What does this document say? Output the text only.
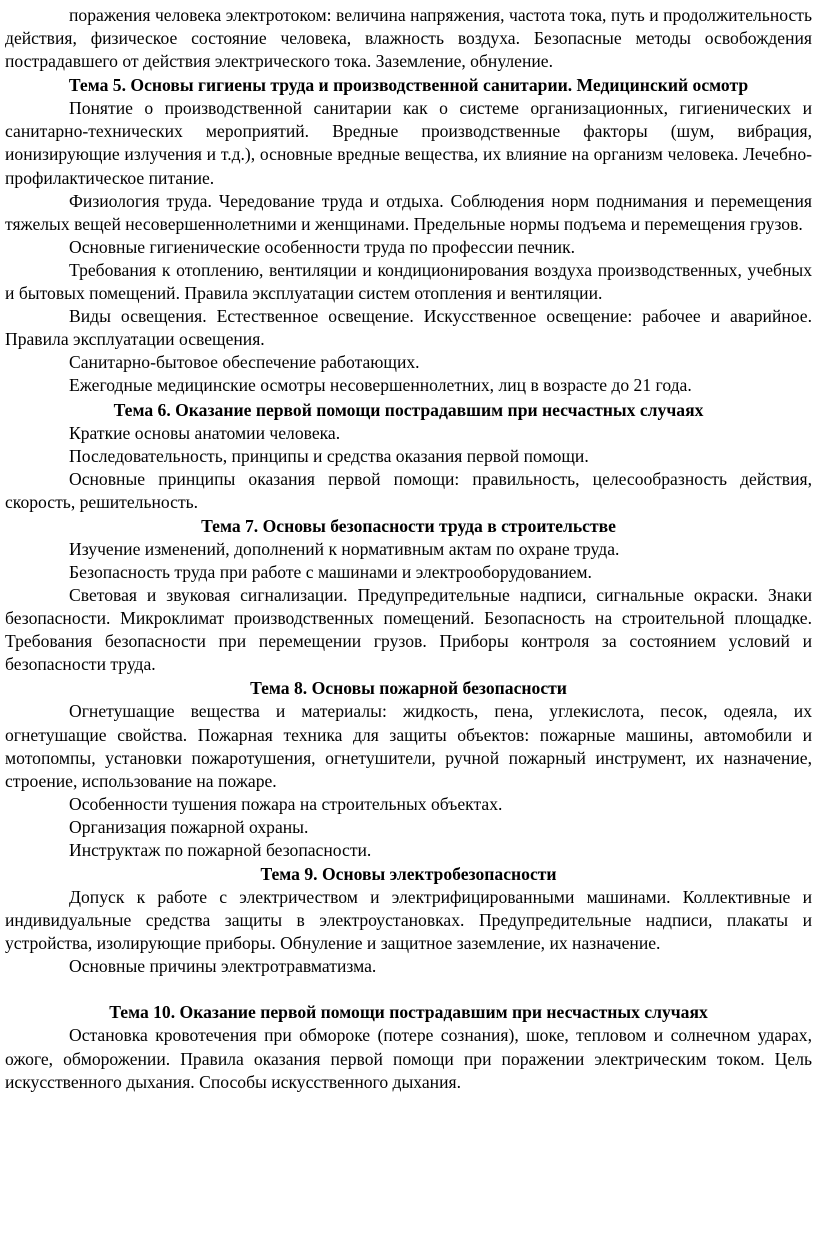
поражения человека электротоком: величина напряжения, частота тока, путь и продолжительность действия, физическое состояние человека, влажность воздуха. Безопасные методы освобождения пострадавшего от действия электрического тока. Заземление, обнуление.

Тема 5. Основы гигиены труда и производственной санитарии. Медицинский осмотр

Понятие о производственной санитарии как о системе организационных, гигиенических и санитарно-технических мероприятий. Вредные производственные факторы (шум, вибрация, ионизирующие излучения и т.д.), основные вредные вещества, их влияние на организм человека. Лечебно-профилактическое питание.

Физиология труда. Чередование труда и отдыха. Соблюдения норм поднимания и перемещения тяжелых вещей несовершеннолетними и женщинами. Предельные нормы подъема и перемещения грузов.

Основные гигиенические особенности труда по профессии печник.

Требования к отоплению, вентиляции и кондиционирования воздуха производственных, учебных и бытовых помещений. Правила эксплуатации систем отопления и вентиляции.

Виды освещения. Естественное освещение. Искусственное освещение: рабочее и аварийное. Правила эксплуатации освещения.

Санитарно-бытовое обеспечение работающих.

Ежегодные медицинские осмотры несовершеннолетних, лиц в возрасте до 21 года.

Тема 6. Оказание первой помощи пострадавшим при несчастных случаях

Краткие основы анатомии человека.

Последовательность, принципы и средства оказания первой помощи.

Основные принципы оказания первой помощи: правильность, целесообразность действия, скорость, решительность.

Тема 7. Основы безопасности труда в строительстве

Изучение изменений, дополнений к нормативным актам по охране труда.

Безопасность труда при работе с машинами и электрооборудованием.

Световая и звуковая сигнализации. Предупредительные надписи, сигнальные окраски. Знаки безопасности. Микроклимат производственных помещений. Безопасность на строительной площадке. Требования безопасности при перемещении грузов. Приборы контроля за состоянием условий и безопасности труда.

Тема 8. Основы пожарной безопасности

Огнетушащие вещества и материалы: жидкость, пена, углекислота, песок, одеяла, их огнетушащие свойства. Пожарная техника для защиты объектов: пожарные машины, автомобили и мотопомпы, установки пожаротушения, огнетушители, ручной пожарный инструмент, их назначение, строение, использование на пожаре.

Особенности тушения пожара на строительных объектах.

Организация пожарной охраны.

Инструктаж по пожарной безопасности.

Тема 9. Основы электробезопасности

Допуск к работе с электричеством и электрифицированными машинами. Коллективные и индивидуальные средства защиты в электроустановках. Предупредительные надписи, плакаты и устройства, изолирующие приборы. Обнуление и защитное заземление, их назначение.

Основные причины электротравматизма.

Тема 10. Оказание первой помощи пострадавшим при несчастных случаях

Остановка кровотечения при обмороке (потере сознания), шоке, тепловом и солнечном ударах, ожоге, обморожении. Правила оказания первой помощи при поражении электрическим током. Цель искусственного дыхания. Способы искусственного дыхания.
